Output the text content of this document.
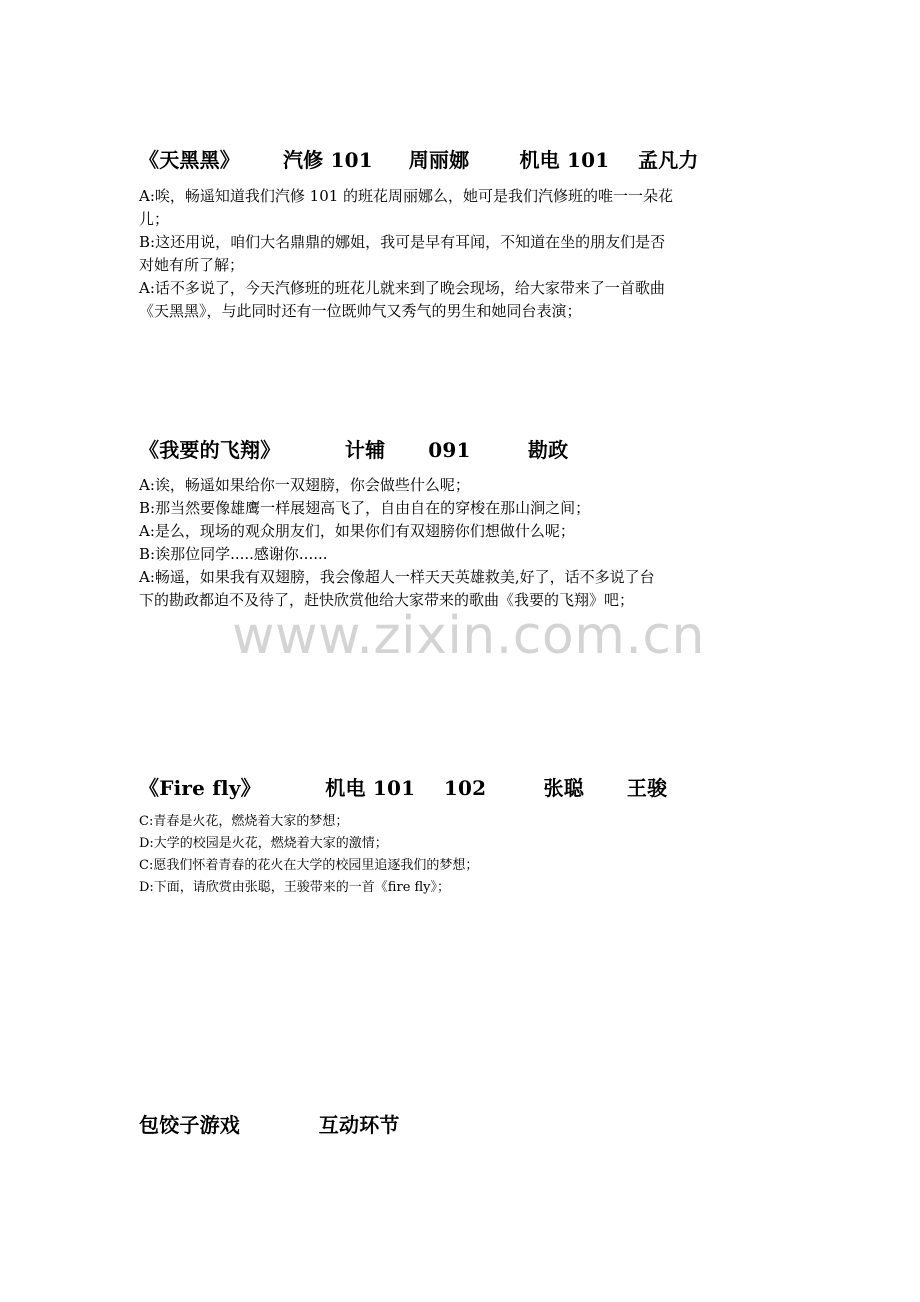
《天黑黑》      汽修 101     周丽娜       机电 101    孟凡力

A:唉，畅遥知道我们汽修 101 的班花周丽娜么，她可是我们汽修班的唯一一朵花

儿；

B:这还用说，咱们大名鼎鼎的娜姐，我可是早有耳闻，不知道在坐的朋友们是否

对她有所了解；

A:话不多说了，今天汽修班的班花儿就来到了晚会现场，给大家带来了一首歌曲

《天黑黑》，与此同时还有一位既帅气又秀气的男生和她同台表演；

《我要的飞翔》         计辅      091        勘政

A:诶，畅遥如果给你一双翅膀，你会做些什么呢；

B:那当然要像雄鹰一样展翅高飞了，自由自在的穿梭在那山涧之间；

A:是么，现场的观众朋友们，如果你们有双翅膀你们想做什么呢；

B:诶那位同学.....感谢你......

A:畅遥，如果我有双翅膀，我会像超人一样天天英雄救美,好了，话不多说了台

下的勘政都迫不及待了，赶快欣赏他给大家带来的歌曲《我要的飞翔》吧；

www.zixin.com.cn
《Fire fly》         机电 101    102        张聪      王骏

C:青春是火花，燃烧着大家的梦想；

D:大学的校园是火花，燃烧着大家的激情；

C:愿我们怀着青春的花火在大学的校园里追逐我们的梦想；

D:下面，请欣赏由张聪，王骏带来的一首《fire fly》；

包饺子游戏           互动环节
